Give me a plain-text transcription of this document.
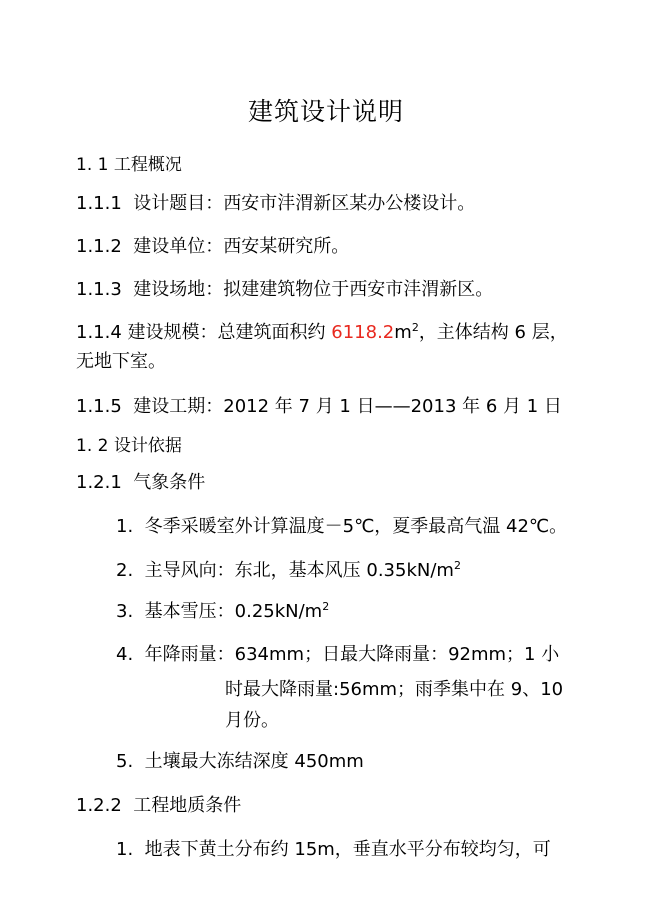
建筑设计说明
1. 1 工程概况
1.1.1 设计题目：西安市沣渭新区某办公楼设计。
1.1.2 建设单位：西安某研究所。
1.1.3 建设场地：拟建建筑物位于西安市沣渭新区。
1.1.4 建设规模：总建筑面积约 $6118.2m^2$，主体结构 6 层，
无地下室。
1.1.5 建设工期：2012 年 7 月 1 日——2013 年 6 月 1 日
1. 2 设计依据
1.2.1 气象条件
1. 冬季采暖室外计算温度－5℃，夏季最高气温 42℃。
2. 主导风向：东北，基本风压 $0.35kN/m^2$
3. 基本雪压：$0.25kN/m^2$
4. 年降雨量：634mm；日最大降雨量：92mm；1 小
时最大降雨量:56mm；雨季集中在 9、10
月份。
5. 土壤最大冻结深度 450mm
1.2.2 工程地质条件
1. 地表下黄土分布约 15m，垂直水平分布较均匀，可
